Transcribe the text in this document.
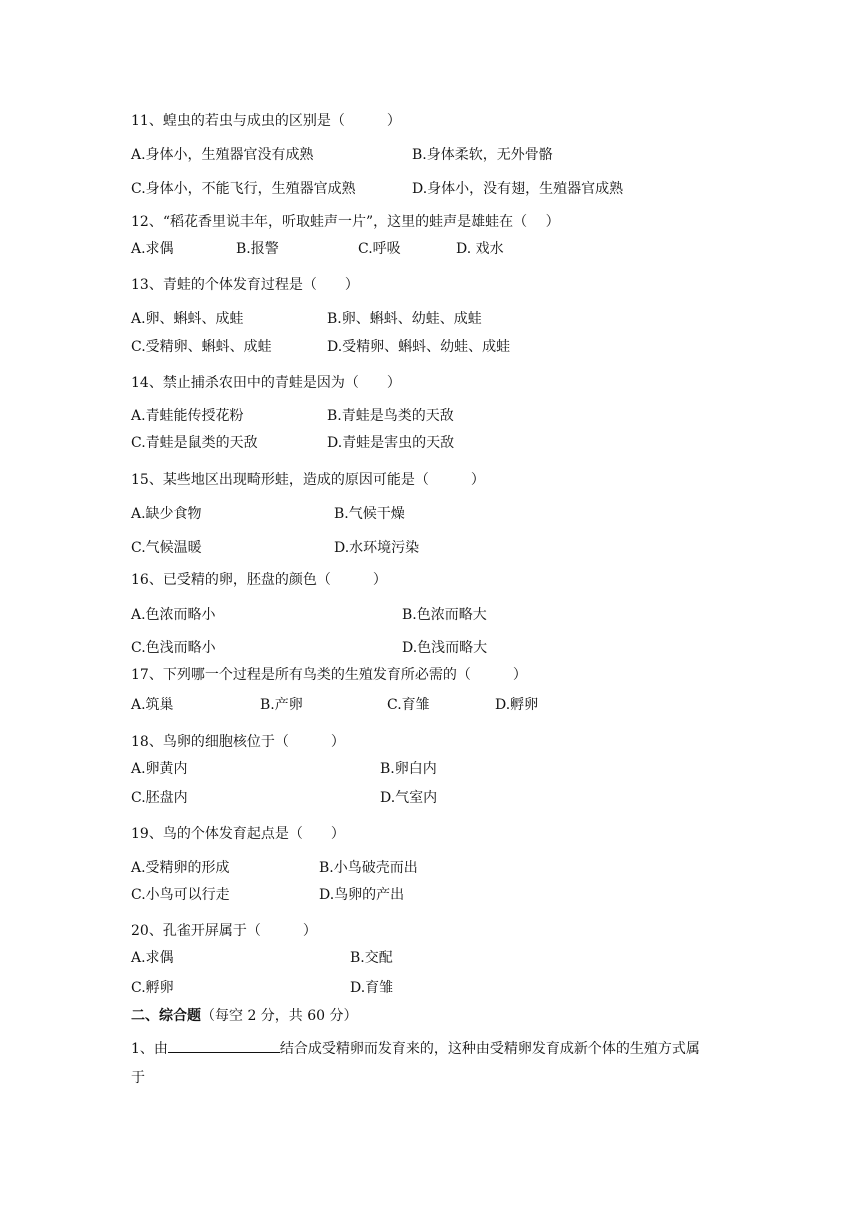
11、蝗虫的若虫与成虫的区别是（　　　）
A.身体小，生殖器官没有成熟	B.身体柔软，无外骨骼
C.身体小，不能飞行，生殖器官成熟	D.身体小，没有翅，生殖器官成熟
12、“稻花香里说丰年，听取蛙声一片”，这里的蛙声是雄蛙在（　 ）
A.求偶	B.报警	C.呼吸	D. 戏水
13、青蛙的个体发育过程是（　　）
A.卵、蝌蚪、成蛙	B.卵、蝌蚪、幼蛙、成蛙
C.受精卵、蝌蚪、成蛙	D.受精卵、蝌蚪、幼蛙、成蛙
14、禁止捕杀农田中的青蛙是因为（　　）
A.青蛙能传授花粉	B.青蛙是鸟类的天敌
C.青蛙是鼠类的天敌	D.青蛙是害虫的天敌
15、某些地区出现畸形蛙，造成的原因可能是（　　　）
A.缺少食物	B.气候干燥
C.气候温暖	D.水环境污染
16、已受精的卵，胚盘的颜色（　　　）
A.色浓而略小	B.色浓而略大
C.色浅而略小	D.色浅而略大
17、下列哪一个过程是所有鸟类的生殖发育所必需的（　　　）
A.筑巢	B.产卵	C.育雏	D.孵卵
18、鸟卵的细胞核位于（　　　）
A.卵黄内	B.卵白内
C.胚盘内	D.气室内
19、鸟的个体发育起点是（　　）
A.受精卵的形成	B.小鸟破壳而出
C.小鸟可以行走	D.鸟卵的产出
20、孔雀开屏属于（　　　）
A.求偶	B.交配
C.孵卵	D.育雏
二、综合题（每空 2 分，共 60 分）
1、由	结合成受精卵而发育来的，这种由受精卵发育成新个体的生殖方式属
于
